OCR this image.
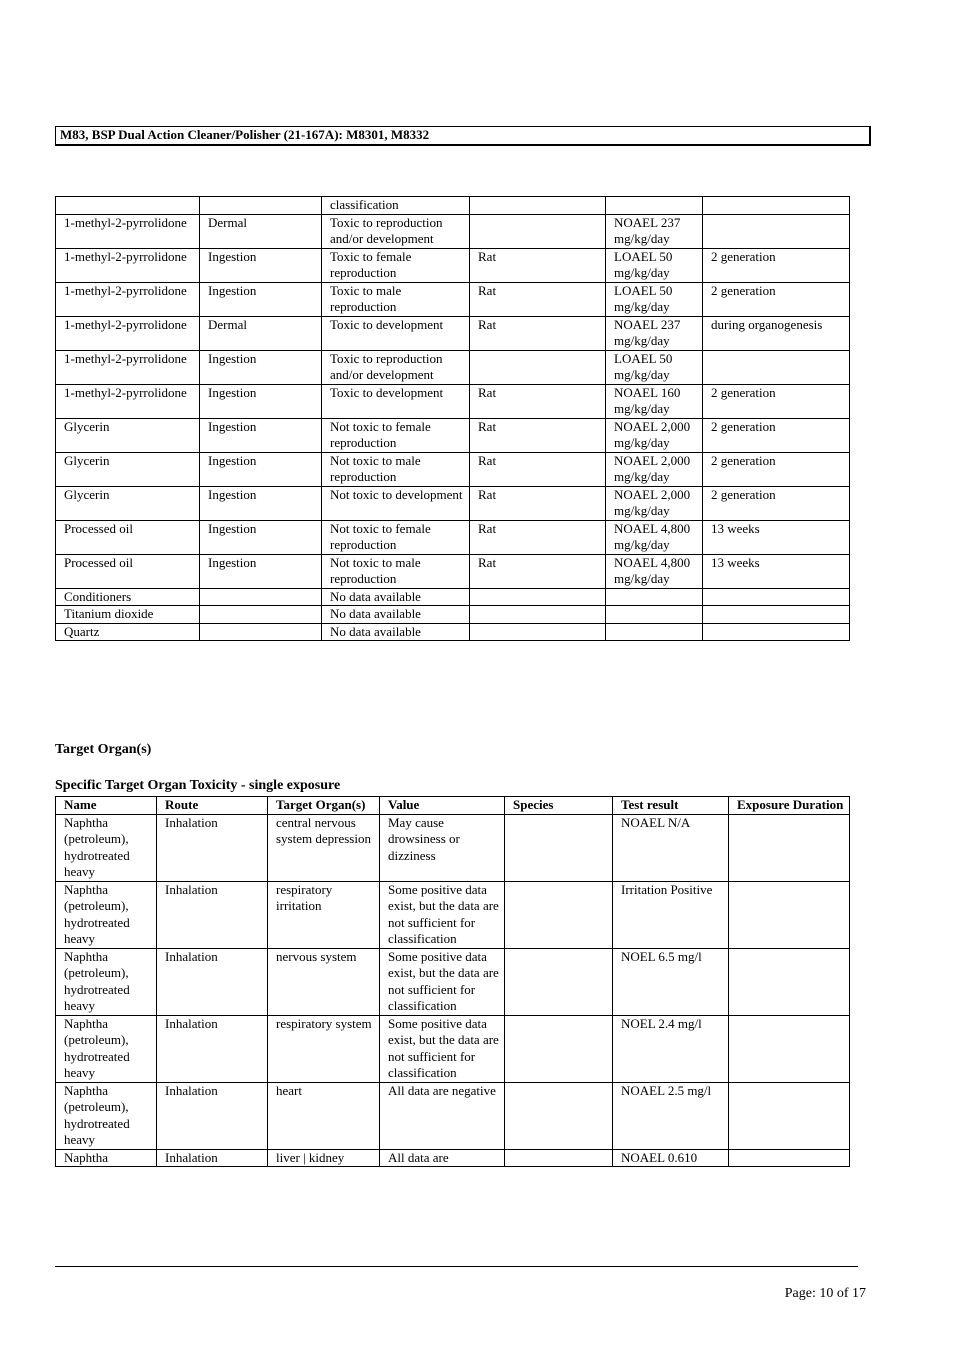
M83, BSP Dual Action Cleaner/Polisher (21-167A): M8301, M8332
		classification			
1-methyl-2-pyrrolidone	Dermal	Toxic to reproduction and/or development		NOAEL 237 mg/kg/day	
1-methyl-2-pyrrolidone	Ingestion	Toxic to female reproduction	Rat	LOAEL 50 mg/kg/day	2 generation
1-methyl-2-pyrrolidone	Ingestion	Toxic to male reproduction	Rat	LOAEL 50 mg/kg/day	2 generation
1-methyl-2-pyrrolidone	Dermal	Toxic to development	Rat	NOAEL 237 mg/kg/day	during organogenesis
1-methyl-2-pyrrolidone	Ingestion	Toxic to reproduction and/or development		LOAEL 50 mg/kg/day	
1-methyl-2-pyrrolidone	Ingestion	Toxic to development	Rat	NOAEL 160 mg/kg/day	2 generation
Glycerin	Ingestion	Not toxic to female reproduction	Rat	NOAEL 2,000 mg/kg/day	2 generation
Glycerin	Ingestion	Not toxic to male reproduction	Rat	NOAEL 2,000 mg/kg/day	2 generation
Glycerin	Ingestion	Not toxic to development	Rat	NOAEL 2,000 mg/kg/day	2 generation
Processed oil	Ingestion	Not toxic to female reproduction	Rat	NOAEL 4,800 mg/kg/day	13 weeks
Processed oil	Ingestion	Not toxic to male reproduction	Rat	NOAEL 4,800 mg/kg/day	13 weeks
Conditioners		No data available			
Titanium dioxide		No data available			
Quartz		No data available			
Target Organ(s)
Specific Target Organ Toxicity - single exposure
Name	Route	Target Organ(s)	Value	Species	Test result	Exposure Duration
Naphtha (petroleum), hydrotreated heavy	Inhalation	central nervous system depression	May cause drowsiness or dizziness		NOAEL N/A	
Naphtha (petroleum), hydrotreated heavy	Inhalation	respiratory irritation	Some positive data exist, but the data are not sufficient for classification		Irritation Positive	
Naphtha (petroleum), hydrotreated heavy	Inhalation	nervous system	Some positive data exist, but the data are not sufficient for classification		NOEL 6.5 mg/l	
Naphtha (petroleum), hydrotreated heavy	Inhalation	respiratory system	Some positive data exist, but the data are not sufficient for classification		NOEL 2.4 mg/l	
Naphtha (petroleum), hydrotreated heavy	Inhalation	heart	All data are negative		NOAEL 2.5 mg/l	
Naphtha	Inhalation	liver | kidney	All data are		NOAEL 0.610	
Page: 10 of 17
